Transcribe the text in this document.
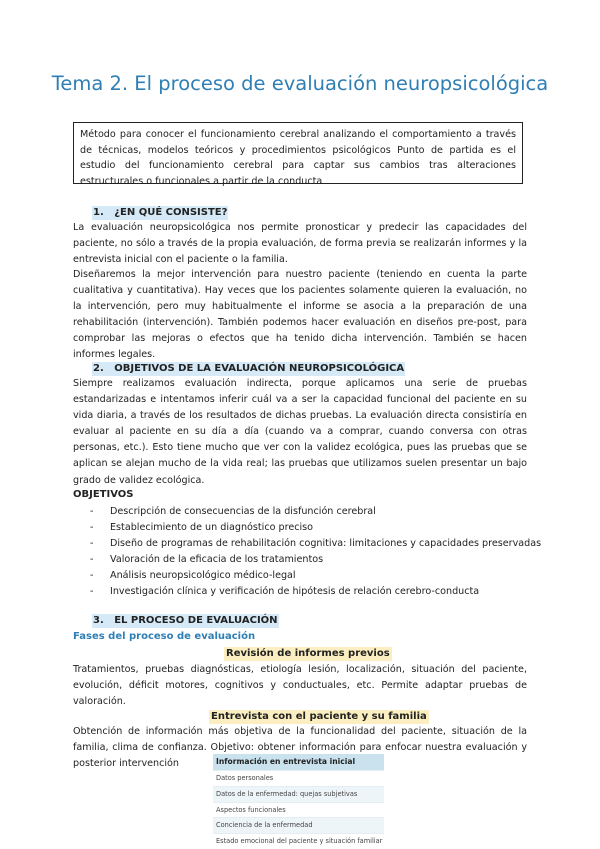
Tema 2. El proceso de evaluación neuropsicológica
Método para conocer el funcionamiento cerebral analizando el comportamiento a través de técnicas, modelos teóricos y procedimientos psicológicos Punto de partida es el estudio del funcionamiento cerebral para captar sus cambios tras alteraciones estructurales o funcionales a partir de la conducta
1. ¿EN QUÉ CONSISTE?
La evaluación neuropsicológica nos permite pronosticar y predecir las capacidades del paciente, no sólo a través de la propia evaluación, de forma previa se realizarán informes y la entrevista inicial con el paciente o la familia.
Diseñaremos la mejor intervención para nuestro paciente (teniendo en cuenta la parte cualitativa y cuantitativa). Hay veces que los pacientes solamente quieren la evaluación, no la intervención, pero muy habitualmente el informe se asocia a la preparación de una rehabilitación (intervención). También podemos hacer evaluación en diseños pre-post, para comprobar las mejoras o efectos que ha tenido dicha intervención. También se hacen informes legales.
2. OBJETIVOS DE LA EVALUACIÓN NEUROPSICOLÓGICA
Siempre realizamos evaluación indirecta, porque aplicamos una serie de pruebas estandarizadas e intentamos inferir cuál va a ser la capacidad funcional del paciente en su vida diaria, a través de los resultados de dichas pruebas. La evaluación directa consistiría en evaluar al paciente en su día a día (cuando va a comprar, cuando conversa con otras personas, etc.). Esto tiene mucho que ver con la validez ecológica, pues las pruebas que se aplican se alejan mucho de la vida real; las pruebas que utilizamos suelen presentar un bajo grado de validez ecológica.
OBJETIVOS
- Descripción de consecuencias de la disfunción cerebral
- Establecimiento de un diagnóstico preciso
- Diseño de programas de rehabilitación cognitiva: limitaciones y capacidades preservadas
- Valoración de la eficacia de los tratamientos
- Análisis neuropsicológico médico-legal
- Investigación clínica y verificación de hipótesis de relación cerebro-conducta
3. EL PROCESO DE EVALUACIÓN
Fases del proceso de evaluación
Revisión de informes previos
Tratamientos, pruebas diagnósticas, etiología lesión, localización, situación del paciente, evolución, déficit motores, cognitivos y conductuales, etc. Permite adaptar pruebas de valoración.
Entrevista con el paciente y su familia
Obtención de información más objetiva de la funcionalidad del paciente, situación de la familia, clima de confianza. Objetivo: obtener información para enfocar nuestra evaluación y posterior intervención	Información en entrevista inicial
Datos personales
Datos de la enfermedad: quejas subjetivas
Aspectos funcionales
Conciencia de la enfermedad
Estado emocional del paciente y situación familiar
